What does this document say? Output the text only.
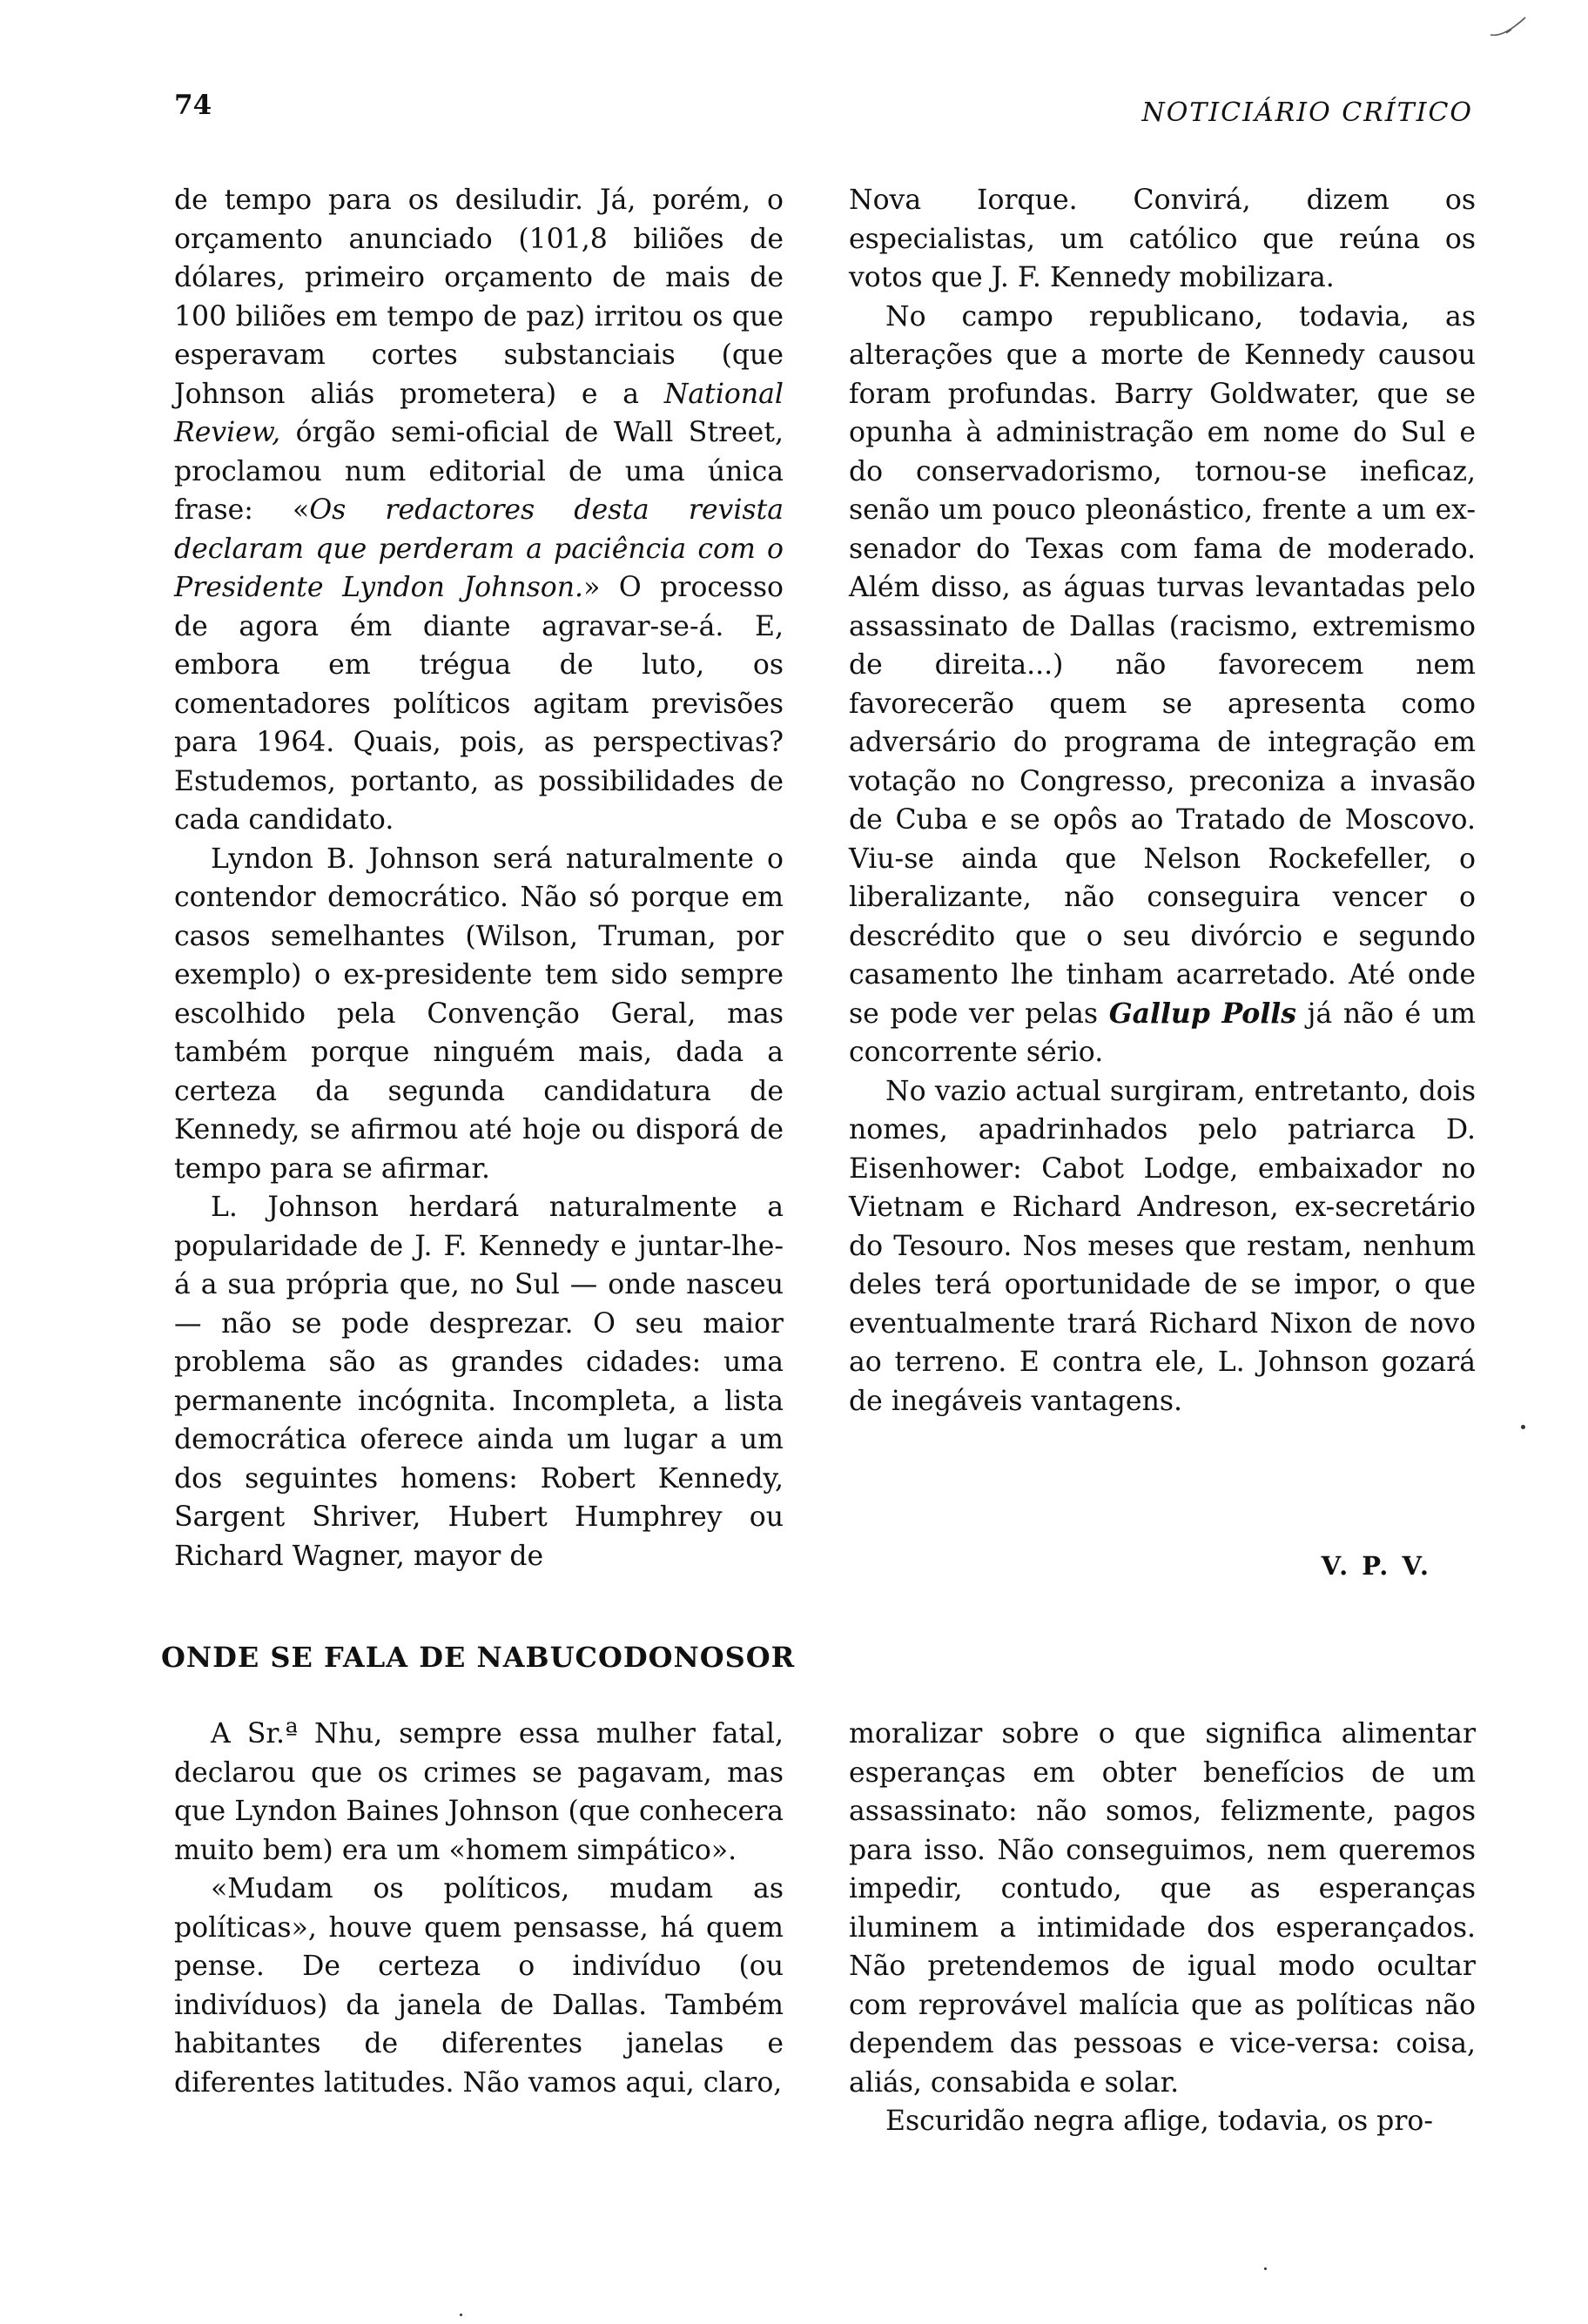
74	NOTICIÁRIO CRÍTICO

de tempo para os desiludir. Já, porém, o orçamento anunciado (101,8 biliões de dólares, primeiro orçamento de mais de 100 biliões em tempo de paz) irritou os que esperavam cortes substanciais (que Johnson aliás prometera) e a National Review, órgão semi-oficial de Wall Street, proclamou num editorial de uma única frase: «Os redactores desta revista declaram que perderam a paciência com o Presidente Lyndon Johnson.» O processo de agora ém diante agravar-se-á. E, embora em trégua de luto, os comentadores políticos agitam previsões para 1964. Quais, pois, as perspectivas? Estudemos, portanto, as possibilidades de cada candidato.

Lyndon B. Johnson será naturalmente o contendor democrático. Não só porque em casos semelhantes (Wilson, Truman, por exemplo) o ex-presidente tem sido sempre escolhido pela Convenção Geral, mas também porque ninguém mais, dada a certeza da segunda candidatura de Kennedy, se afirmou até hoje ou disporá de tempo para se afirmar.

L. Johnson herdará naturalmente a popularidade de J. F. Kennedy e juntar-lhe-á a sua própria que, no Sul — onde nasceu — não se pode desprezar. O seu maior problema são as grandes cidades: uma permanente incógnita. Incompleta, a lista democrática oferece ainda um lugar a um dos seguintes homens: Robert Kennedy, Sargent Shriver, Hubert Humphrey ou Richard Wagner, mayor de

Nova Iorque. Convirá, dizem os especialistas, um católico que reúna os votos que J. F. Kennedy mobilizara.

No campo republicano, todavia, as alterações que a morte de Kennedy causou foram profundas. Barry Goldwater, que se opunha à administração em nome do Sul e do conservadorismo, tornou-se ineficaz, senão um pouco pleonástico, frente a um ex-senador do Texas com fama de moderado. Além disso, as águas turvas levantadas pelo assassinato de Dallas (racismo, extremismo de direita...) não favorecem nem favorecerão quem se apresenta como adversário do programa de integração em votação no Congresso, preconiza a invasão de Cuba e se opôs ao Tratado de Moscovo. Viu-se ainda que Nelson Rockefeller, o liberalizante, não conseguira vencer o descrédito que o seu divórcio e segundo casamento lhe tinham acarretado. Até onde se pode ver pelas Gallup Polls já não é um concorrente sério.

No vazio actual surgiram, entretanto, dois nomes, apadrinhados pelo patriarca D. Eisenhower: Cabot Lodge, embaixador no Vietnam e Richard Andreson, ex-secretário do Tesouro. Nos meses que restam, nenhum deles terá oportunidade de se impor, o que eventualmente trará Richard Nixon de novo ao terreno. E contra ele, L. Johnson gozará de inegáveis vantagens.

V. P. V.
ONDE SE FALA DE NABUCODONOSOR

A Sr.ª Nhu, sempre essa mulher fatal, declarou que os crimes se pagavam, mas que Lyndon Baines Johnson (que conhecera muito bem) era um «homem simpático».

«Mudam os políticos, mudam as políticas», houve quem pensasse, há quem pense. De certeza o indivíduo (ou indivíduos) da janela de Dallas. Também habitantes de diferentes janelas e diferentes latitudes. Não vamos aqui, claro,

moralizar sobre o que significa alimentar esperanças em obter benefícios de um assassinato: não somos, felizmente, pagos para isso. Não conseguimos, nem queremos impedir, contudo, que as esperanças iluminem a intimidade dos esperançados. Não pretendemos de igual modo ocultar com reprovável malícia que as políticas não dependem das pessoas e vice-versa: coisa, aliás, consabida e solar.

Escuridão negra aflige, todavia, os pro-
